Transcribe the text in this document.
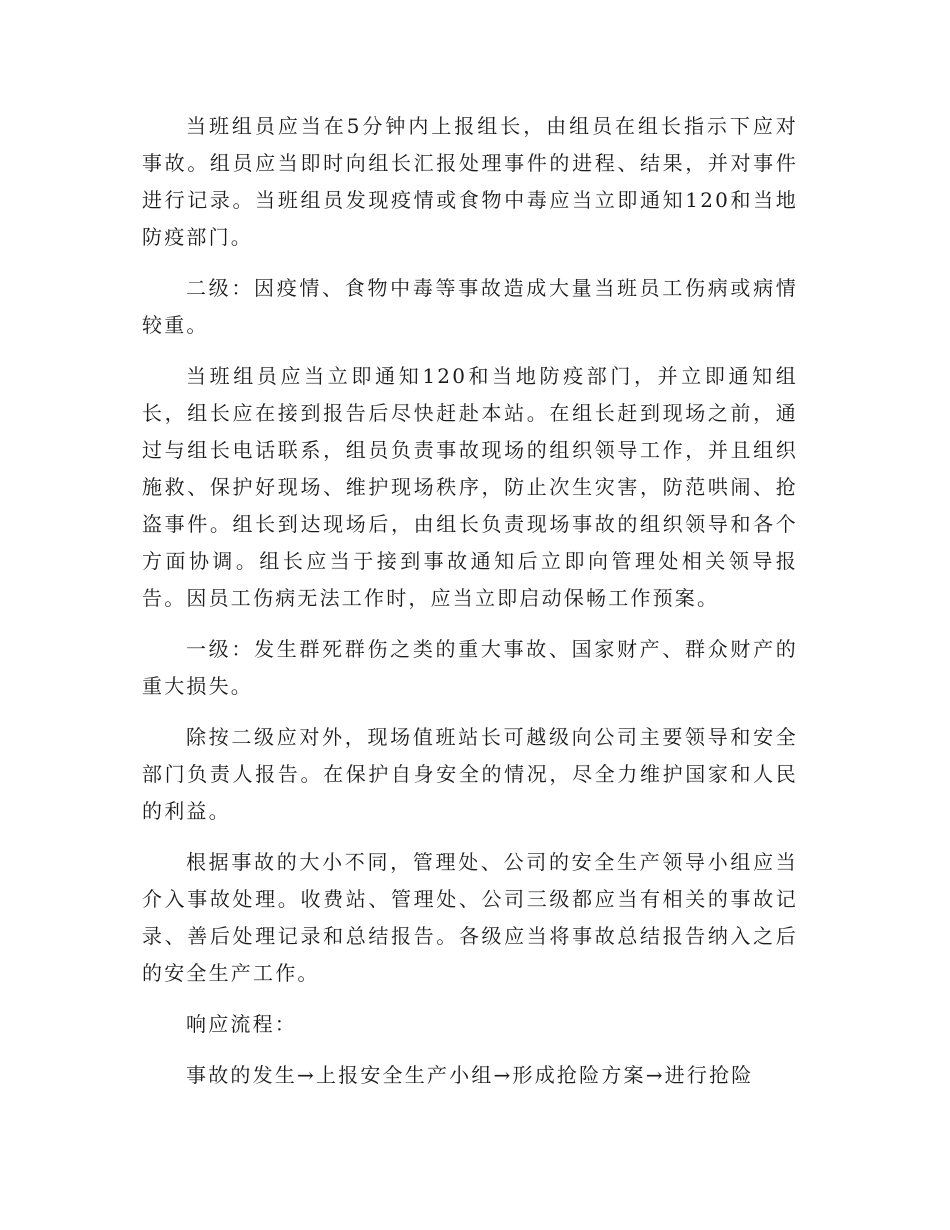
当班组员应当在5分钟内上报组长，由组员在组长指示下应对事故。组员应当即时向组长汇报处理事件的进程、结果，并对事件进行记录。当班组员发现疫情或食物中毒应当立即通知120和当地防疫部门。

二级：因疫情、食物中毒等事故造成大量当班员工伤病或病情较重。

当班组员应当立即通知120和当地防疫部门，并立即通知组长，组长应在接到报告后尽快赶赴本站。在组长赶到现场之前，通过与组长电话联系，组员负责事故现场的组织领导工作，并且组织施救、保护好现场、维护现场秩序，防止次生灾害，防范哄闹、抢盗事件。组长到达现场后，由组长负责现场事故的组织领导和各个方面协调。组长应当于接到事故通知后立即向管理处相关领导报告。因员工伤病无法工作时，应当立即启动保畅工作预案。

一级：发生群死群伤之类的重大事故、国家财产、群众财产的重大损失。

除按二级应对外，现场值班站长可越级向公司主要领导和安全部门负责人报告。在保护自身安全的情况，尽全力维护国家和人民的利益。

根据事故的大小不同，管理处、公司的安全生产领导小组应当介入事故处理。收费站、管理处、公司三级都应当有相关的事故记录、善后处理记录和总结报告。各级应当将事故总结报告纳入之后的安全生产工作。

响应流程：

事故的发生→上报安全生产小组→形成抢险方案→进行抢险
